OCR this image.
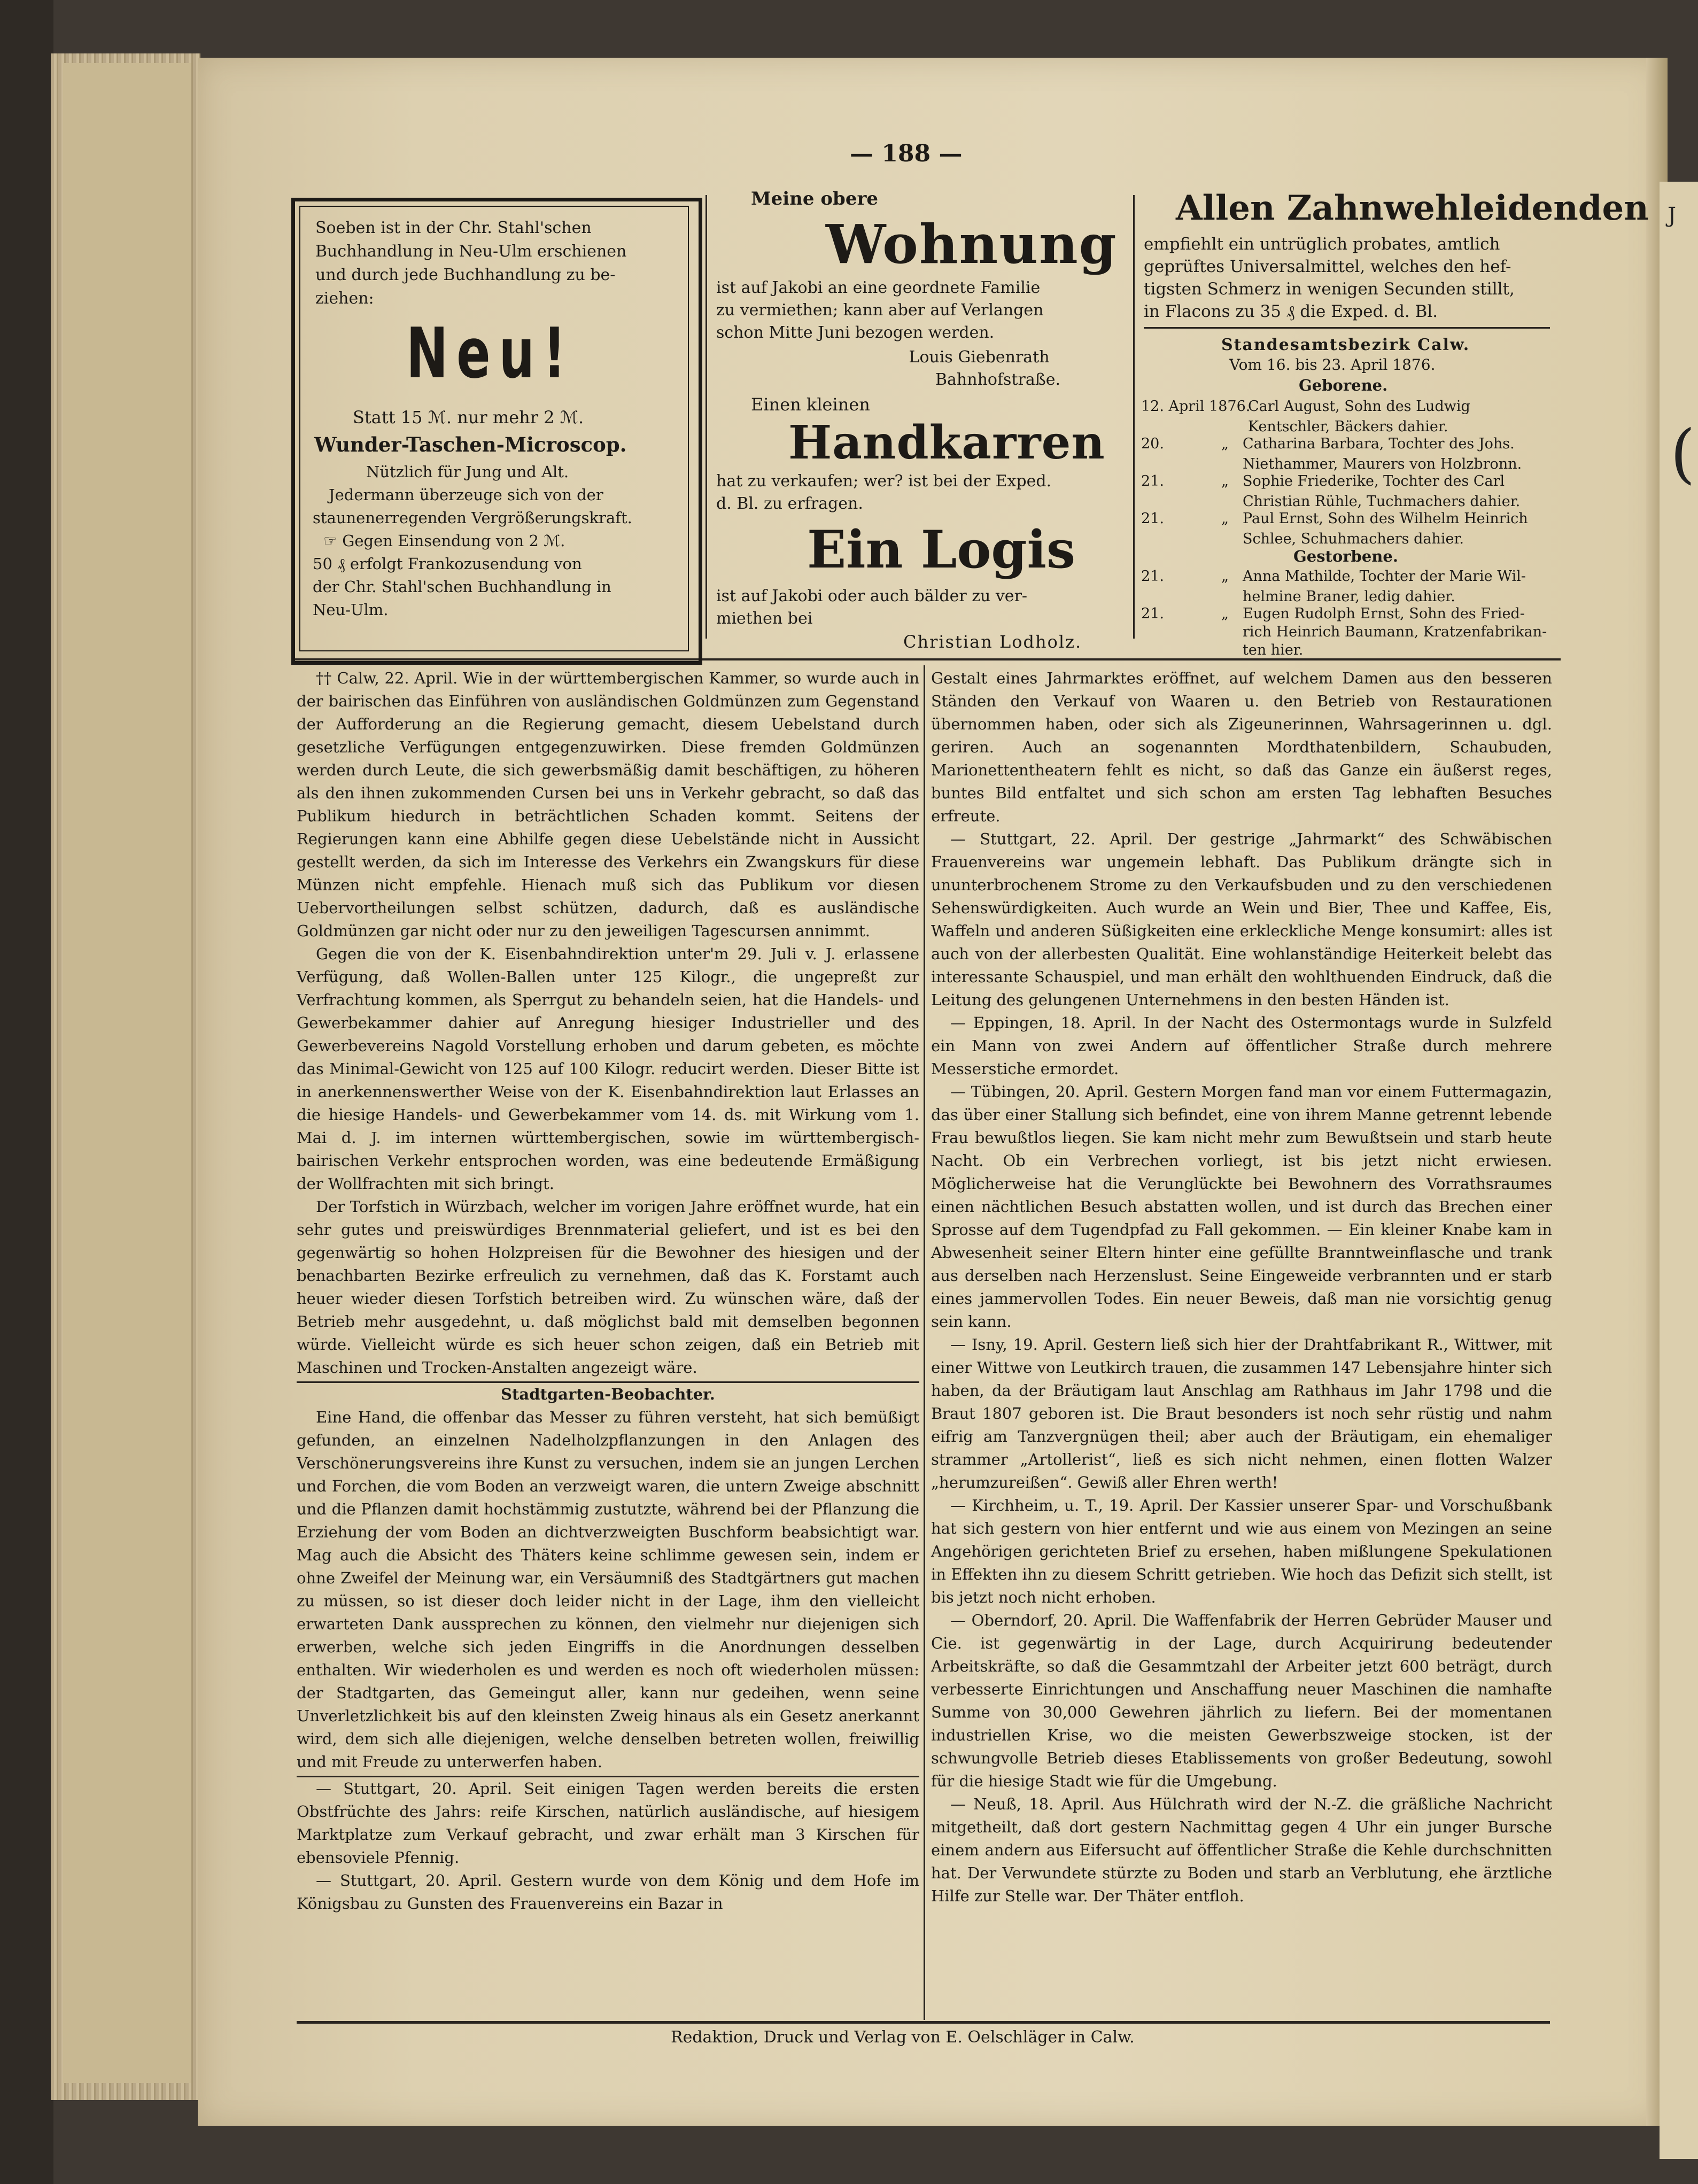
J
(
— 188 —
Soeben ist in der Chr. Stahl'schen
Buchhandlung in Neu-Ulm erschienen
und durch jede Buchhandlung zu be-
ziehen:
Neu!
Statt 15 ℳ. nur mehr 2 ℳ.
Wunder-Taschen-Microscop.
Nützlich für Jung und Alt.
Jedermann überzeuge sich von der
staunenerregenden Vergrößerungskraft.
☞ Gegen Einsendung von 2 ℳ.
50 ₰ erfolgt Frankozusendung von
der Chr. Stahl'schen Buchhandlung in
Neu-Ulm.
Meine obere
Wohnung
ist auf Jakobi an eine geordnete Familie
zu vermiethen; kann aber auf Verlangen
schon Mitte Juni bezogen werden.
Louis Giebenrath
Bahnhofstraße.
Einen kleinen
Handkarren
hat zu verkaufen; wer? ist bei der Exped.
d. Bl. zu erfragen.
Ein Logis
ist auf Jakobi oder auch bälder zu ver-
miethen bei
Christian Lodholz.
Allen Zahnwehleidenden
empfiehlt ein untrüglich probates, amtlich
geprüftes Universalmittel, welches den hef-
tigsten Schmerz in wenigen Secunden stillt,
in Flacons zu 35 ₰ die Exped. d. Bl.
Standesamtsbezirk Calw.
Vom 16. bis 23. April 1876.
Geborene.
12. April 1876.
Carl August, Sohn des Ludwig
Kentschler, Bäckers dahier.
20.	„ Catharina Barbara, Tochter des Johs.
Niethammer, Maurers von Holzbronn.
21.	„ Sophie Friederike, Tochter des Carl
Christian Rühle, Tuchmachers dahier.
21.	„ Paul Ernst, Sohn des Wilhelm Heinrich
Schlee, Schuhmachers dahier.
Gestorbene.
21.	„ Anna Mathilde, Tochter der Marie Wil-
helmine Braner, ledig dahier.
21.	„ Eugen Rudolph Ernst, Sohn des Fried-
rich Heinrich Baumann, Kratzenfabrikan-
ten hier.

†† Calw, 22. April. Wie in der württembergischen Kammer, so wurde auch in der bairischen das Einführen von ausländischen Goldmünzen zum Gegenstand der Aufforderung an die Regierung gemacht, diesem Uebelstand durch gesetzliche Verfügungen entgegenzuwirken. Diese fremden Goldmünzen werden durch Leute, die sich gewerbsmäßig damit beschäftigen, zu höheren als den ihnen zukommenden Cursen bei uns in Verkehr gebracht, so daß das Publikum hiedurch in beträchtlichen Schaden kommt. Seitens der Regierungen kann eine Abhilfe gegen diese Uebelstände nicht in Aussicht gestellt werden, da sich im Interesse des Verkehrs ein Zwangskurs für diese Münzen nicht empfehle. Hienach muß sich das Publikum vor diesen Uebervortheilungen selbst schützen, dadurch, daß es ausländische Goldmünzen gar nicht oder nur zu den jeweiligen Tagescursen annimmt.

Gegen die von der K. Eisenbahndirektion unter'm 29. Juli v. J. erlassene Verfügung, daß Wollen-Ballen unter 125 Kilogr., die ungepreßt zur Verfrachtung kommen, als Sperrgut zu behandeln seien, hat die Handels- und Gewerbekammer dahier auf Anregung hiesiger Industrieller und des Gewerbevereins Nagold Vorstellung erhoben und darum gebeten, es möchte das Minimal-Gewicht von 125 auf 100 Kilogr. reducirt werden. Dieser Bitte ist in anerkennenswerther Weise von der K. Eisenbahndirektion laut Erlasses an die hiesige Handels- und Gewerbekammer vom 14. ds. mit Wirkung vom 1. Mai d. J. im internen württembergischen, sowie im württembergisch-bairischen Verkehr entsprochen worden, was eine bedeutende Ermäßigung der Wollfrachten mit sich bringt.

Der Torfstich in Würzbach, welcher im vorigen Jahre eröffnet wurde, hat ein sehr gutes und preiswürdiges Brennmaterial geliefert, und ist es bei den gegenwärtig so hohen Holzpreisen für die Bewohner des hiesigen und der benachbarten Bezirke erfreulich zu vernehmen, daß das K. Forstamt auch heuer wieder diesen Torfstich betreiben wird. Zu wünschen wäre, daß der Betrieb mehr ausgedehnt, u. daß möglichst bald mit demselben begonnen würde. Vielleicht würde es sich heuer schon zeigen, daß ein Betrieb mit Maschinen und Trocken-Anstalten angezeigt wäre.

Stadtgarten-Beobachter.

Eine Hand, die offenbar das Messer zu führen versteht, hat sich bemüßigt gefunden, an einzelnen Nadelholzpflanzungen in den Anlagen des Verschönerungsvereins ihre Kunst zu versuchen, indem sie an jungen Lerchen und Forchen, die vom Boden an verzweigt waren, die untern Zweige abschnitt und die Pflanzen damit hochstämmig zustutzte, während bei der Pflanzung die Erziehung der vom Boden an dichtverzweigten Buschform beabsichtigt war. Mag auch die Absicht des Thäters keine schlimme gewesen sein, indem er ohne Zweifel der Meinung war, ein Versäumniß des Stadtgärtners gut machen zu müssen, so ist dieser doch leider nicht in der Lage, ihm den vielleicht erwarteten Dank aussprechen zu können, den vielmehr nur diejenigen sich erwerben, welche sich jeden Eingriffs in die Anordnungen desselben enthalten. Wir wiederholen es und werden es noch oft wiederholen müssen: der Stadtgarten, das Gemeingut aller, kann nur gedeihen, wenn seine Unverletzlichkeit bis auf den kleinsten Zweig hinaus als ein Gesetz anerkannt wird, dem sich alle diejenigen, welche denselben betreten wollen, freiwillig und mit Freude zu unterwerfen haben.

— Stuttgart, 20. April. Seit einigen Tagen werden bereits die ersten Obstfrüchte des Jahrs: reife Kirschen, natürlich ausländische, auf hiesigem Marktplatze zum Verkauf gebracht, und zwar erhält man 3 Kirschen für ebensoviele Pfennig.

— Stuttgart, 20. April. Gestern wurde von dem König und dem Hofe im Königsbau zu Gunsten des Frauenvereins ein Bazar in

Gestalt eines Jahrmarktes eröffnet, auf welchem Damen aus den besseren Ständen den Verkauf von Waaren u. den Betrieb von Restaurationen übernommen haben, oder sich als Zigeunerinnen, Wahrsagerinnen u. dgl. geriren. Auch an sogenannten Mordthatenbildern, Schaubuden, Marionettentheatern fehlt es nicht, so daß das Ganze ein äußerst reges, buntes Bild entfaltet und sich schon am ersten Tag lebhaften Besuches erfreute.

— Stuttgart, 22. April. Der gestrige „Jahrmarkt“ des Schwäbischen Frauenvereins war ungemein lebhaft. Das Publikum drängte sich in ununterbrochenem Strome zu den Verkaufsbuden und zu den verschiedenen Sehenswürdigkeiten. Auch wurde an Wein und Bier, Thee und Kaffee, Eis, Waffeln und anderen Süßigkeiten eine erkleckliche Menge konsumirt: alles ist auch von der allerbesten Qualität. Eine wohlanständige Heiterkeit belebt das interessante Schauspiel, und man erhält den wohlthuenden Eindruck, daß die Leitung des gelungenen Unternehmens in den besten Händen ist.

— Eppingen, 18. April. In der Nacht des Ostermontags wurde in Sulzfeld ein Mann von zwei Andern auf öffentlicher Straße durch mehrere Messerstiche ermordet.

— Tübingen, 20. April. Gestern Morgen fand man vor einem Futtermagazin, das über einer Stallung sich befindet, eine von ihrem Manne getrennt lebende Frau bewußtlos liegen. Sie kam nicht mehr zum Bewußtsein und starb heute Nacht. Ob ein Verbrechen vorliegt, ist bis jetzt nicht erwiesen. Möglicherweise hat die Verunglückte bei Bewohnern des Vorrathsraumes einen nächtlichen Besuch abstatten wollen, und ist durch das Brechen einer Sprosse auf dem Tugendpfad zu Fall gekommen. — Ein kleiner Knabe kam in Abwesenheit seiner Eltern hinter eine gefüllte Branntweinflasche und trank aus derselben nach Herzenslust. Seine Eingeweide verbrannten und er starb eines jammervollen Todes. Ein neuer Beweis, daß man nie vorsichtig genug sein kann.

— Isny, 19. April. Gestern ließ sich hier der Drahtfabrikant R., Wittwer, mit einer Wittwe von Leutkirch trauen, die zusammen 147 Lebensjahre hinter sich haben, da der Bräutigam laut Anschlag am Rathhaus im Jahr 1798 und die Braut 1807 geboren ist. Die Braut besonders ist noch sehr rüstig und nahm eifrig am Tanzvergnügen theil; aber auch der Bräutigam, ein ehemaliger strammer „Artollerist“, ließ es sich nicht nehmen, einen flotten Walzer „herumzureißen“. Gewiß aller Ehren werth!

— Kirchheim, u. T., 19. April. Der Kassier unserer Spar- und Vorschußbank hat sich gestern von hier entfernt und wie aus einem von Mezingen an seine Angehörigen gerichteten Brief zu ersehen, haben mißlungene Spekulationen in Effekten ihn zu diesem Schritt getrieben. Wie hoch das Defizit sich stellt, ist bis jetzt noch nicht erhoben.

— Oberndorf, 20. April. Die Waffenfabrik der Herren Gebrüder Mauser und Cie. ist gegenwärtig in der Lage, durch Acquirirung bedeutender Arbeitskräfte, so daß die Gesammtzahl der Arbeiter jetzt 600 beträgt, durch verbesserte Einrichtungen und Anschaffung neuer Maschinen die namhafte Summe von 30,000 Gewehren jährlich zu liefern. Bei der momentanen industriellen Krise, wo die meisten Gewerbszweige stocken, ist der schwungvolle Betrieb dieses Etablissements von großer Bedeutung, sowohl für die hiesige Stadt wie für die Umgebung.

— Neuß, 18. April. Aus Hülchrath wird der N.-Z. die gräßliche Nachricht mitgetheilt, daß dort gestern Nachmittag gegen 4 Uhr ein junger Bursche einem andern aus Eifersucht auf öffentlicher Straße die Kehle durchschnitten hat. Der Verwundete stürzte zu Boden und starb an Verblutung, ehe ärztliche Hilfe zur Stelle war. Der Thäter entfloh.

Redaktion, Druck und Verlag von E. Oelschläger in Calw.
